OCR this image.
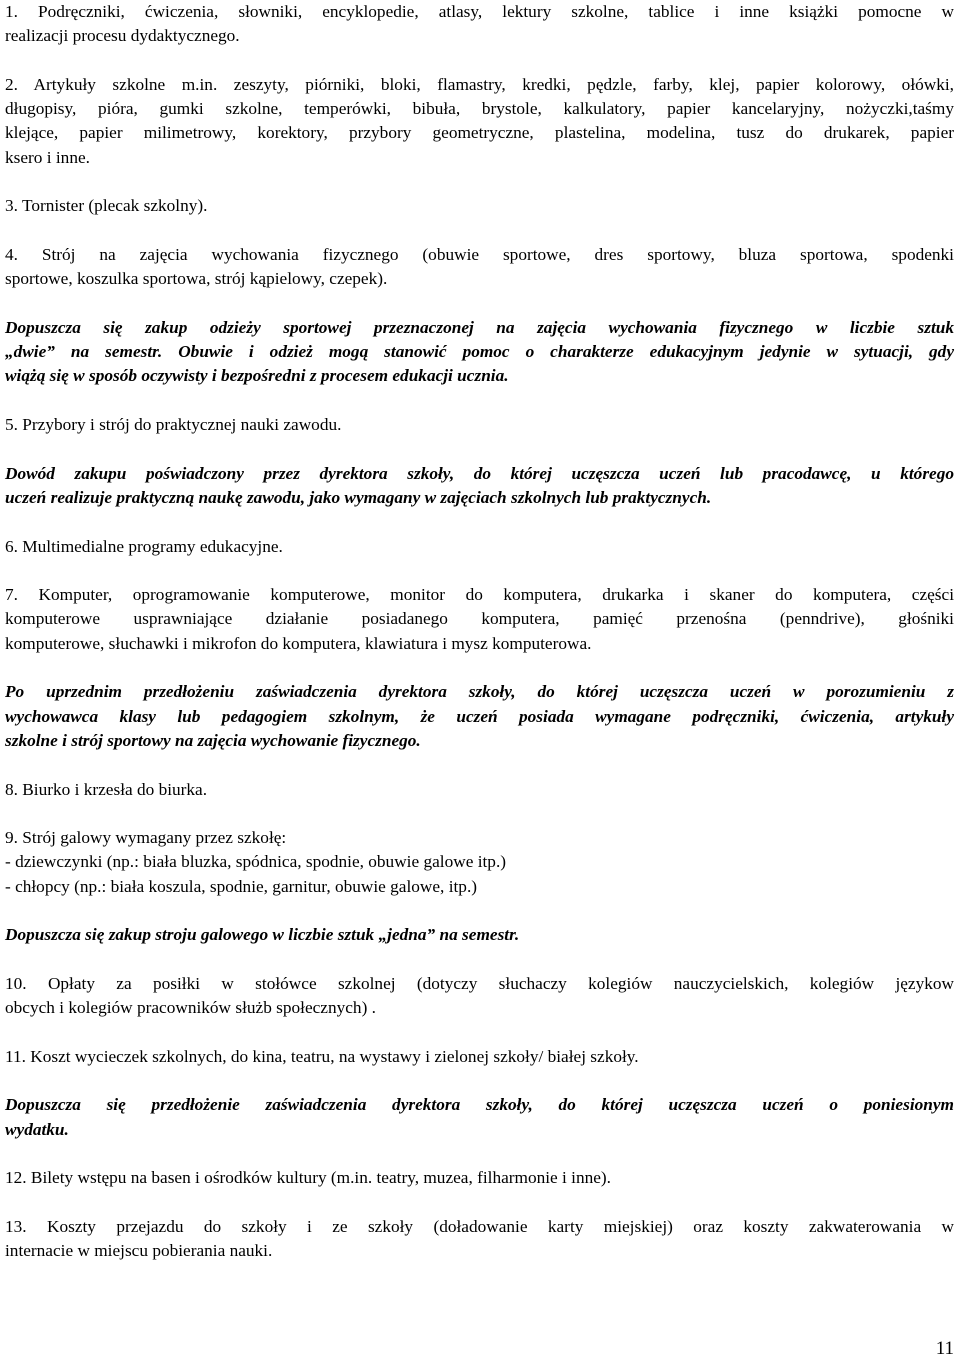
1. Podręczniki, ćwiczenia, słowniki, encyklopedie, atlasy, lektury szkolne, tablice i inne książki pomocne w
realizacji procesu dydaktycznego.

2. Artykuły szkolne m.in. zeszyty, piórniki, bloki, flamastry, kredki, pędzle, farby, klej, papier kolorowy, ołówki,
długopisy, pióra, gumki szkolne, temperówki, bibuła, brystole, kalkulatory, papier kancelaryjny, nożyczki,taśmy
klejące, papier milimetrowy, korektory, przybory geometryczne, plastelina, modelina, tusz do drukarek, papier
ksero i inne.

3. Tornister (plecak szkolny).

4. Strój na zajęcia wychowania fizycznego (obuwie sportowe, dres sportowy, bluza sportowa, spodenki
sportowe, koszulka sportowa, strój kąpielowy, czepek).

Dopuszcza się zakup odzieży sportowej przeznaczonej na zajęcia wychowania fizycznego w liczbie sztuk
„dwie” na semestr. Obuwie i odzież mogą stanowić pomoc o charakterze edukacyjnym jedynie w sytuacji, gdy
wiążą się w sposób oczywisty i bezpośredni z procesem edukacji ucznia.

5. Przybory i strój do praktycznej nauki zawodu.

Dowód zakupu poświadczony przez dyrektora szkoły, do której uczęszcza uczeń lub pracodawcę, u którego
uczeń realizuje praktyczną naukę zawodu, jako wymagany w zajęciach szkolnych lub praktycznych.

6. Multimedialne programy edukacyjne.

7. Komputer, oprogramowanie komputerowe, monitor do komputera, drukarka i skaner do komputera, części
komputerowe usprawniające działanie posiadanego komputera, pamięć przenośna (penndrive), głośniki
komputerowe, słuchawki i mikrofon do komputera, klawiatura i mysz komputerowa.

Po uprzednim przedłożeniu zaświadczenia dyrektora szkoły, do której uczęszcza uczeń w porozumieniu z
wychowawca klasy lub pedagogiem szkolnym, że uczeń posiada wymagane podręczniki, ćwiczenia, artykuły
szkolne i strój sportowy na zajęcia wychowanie fizycznego.

8. Biurko i krzesła do biurka.

9. Strój galowy wymagany przez szkołę:
- dziewczynki (np.: biała bluzka, spódnica, spodnie, obuwie galowe itp.)
- chłopcy (np.: biała koszula, spodnie, garnitur, obuwie galowe, itp.)

Dopuszcza się zakup stroju galowego w liczbie sztuk „jedna” na semestr.

10. Opłaty za posiłki w stołówce szkolnej (dotyczy słuchaczy kolegiów nauczycielskich, kolegiów językow
obcych i kolegiów pracowników służb społecznych) .

11. Koszt wycieczek szkolnych, do kina, teatru, na wystawy i zielonej szkoły/ białej szkoły.

Dopuszcza się przedłożenie zaświadczenia dyrektora szkoły, do której uczęszcza uczeń o poniesionym
wydatku.

12. Bilety wstępu na basen i ośrodków kultury (m.in. teatry, muzea, filharmonie i inne).

13. Koszty przejazdu do szkoły i ze szkoły (doładowanie karty miejskiej) oraz koszty zakwaterowania w
internacie w miejscu pobierania nauki.

11
